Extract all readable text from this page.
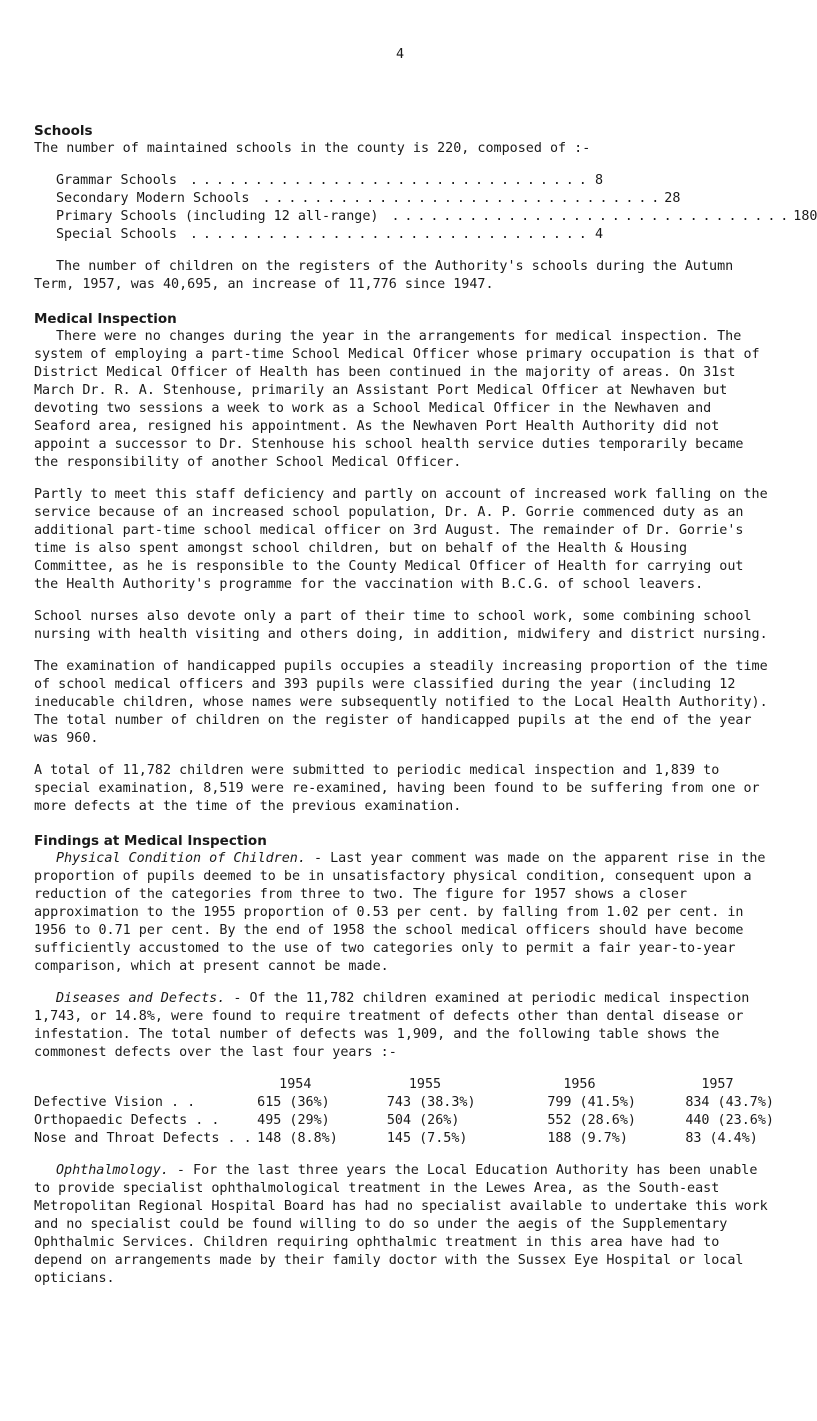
4
Schools

The number of maintained schools in the county is 220, composed of :-

Grammar Schools ............................... 8
Secondary Modern Schools ............................... 28
Primary Schools (including 12 all-range) ............................... 180
Special Schools ............................... 4

The number of children on the registers of the Authority's schools during the Autumn Term, 1957, was 40,695, an increase of 11,776 since 1947.

Medical Inspection

There were no changes during the year in the arrangements for medical inspection. The system of employing a part-time School Medical Officer whose primary occupation is that of District Medical Officer of Health has been continued in the majority of areas. On 31st March Dr. R. A. Stenhouse, primarily an Assistant Port Medical Officer at Newhaven but devoting two sessions a week to work as a School Medical Officer in the Newhaven and Seaford area, resigned his appointment. As the Newhaven Port Health Authority did not appoint a successor to Dr. Stenhouse his school health service duties temporarily became the responsibility of another School Medical Officer.

Partly to meet this staff deficiency and partly on account of increased work falling on the service because of an increased school population, Dr. A. P. Gorrie commenced duty as an additional part-time school medical officer on 3rd August. The remainder of Dr. Gorrie's time is also spent amongst school children, but on behalf of the Health & Housing Committee, as he is responsible to the County Medical Officer of Health for carrying out the Health Authority's programme for the vaccination with B.C.G. of school leavers.

School nurses also devote only a part of their time to school work, some combining school nursing with health visiting and others doing, in addition, midwifery and district nursing.

The examination of handicapped pupils occupies a steadily increasing proportion of the time of school medical officers and 393 pupils were classified during the year (including 12 ineducable children, whose names were subsequently notified to the Local Health Authority). The total number of children on the register of handicapped pupils at the end of the year was 960.

A total of 11,782 children were submitted to periodic medical inspection and 1,839 to special examination, 8,519 were re-examined, having been found to be suffering from one or more defects at the time of the previous examination.

Findings at Medical Inspection

Physical Condition of Children. - Last year comment was made on the apparent rise in the proportion of pupils deemed to be in unsatisfactory physical condition, consequent upon a reduction of the categories from three to two. The figure for 1957 shows a closer approximation to the 1955 proportion of 0.53 per cent. by falling from 1.02 per cent. in 1956 to 0.71 per cent. By the end of 1958 the school medical officers should have become sufficiently accustomed to the use of two categories only to permit a fair year-to-year comparison, which at present cannot be made.

Diseases and Defects. - Of the 11,782 children examined at periodic medical inspection 1,743, or 14.8%, were found to require treatment of defects other than dental disease or infestation. The total number of defects was 1,909, and the following table shows the commonest defects over the last four years :-

	1954	1955	1956	1957
Defective Vision . .	615 (36%)	743 (38.3%)	799 (41.5%)	834 (43.7%)
Orthopaedic Defects . .	495 (29%)	504 (26%)	552 (28.6%)	440 (23.6%)
Nose and Throat Defects . .	148 (8.8%)	145 (7.5%)	188 (9.7%)	83 (4.4%)

Ophthalmology. - For the last three years the Local Education Authority has been unable to provide specialist ophthalmological treatment in the Lewes Area, as the South-east Metropolitan Regional Hospital Board has had no specialist available to undertake this work and no specialist could be found willing to do so under the aegis of the Supplementary Ophthalmic Services. Children requiring ophthalmic treatment in this area have had to depend on arrangements made by their family doctor with the Sussex Eye Hospital or local opticians.
